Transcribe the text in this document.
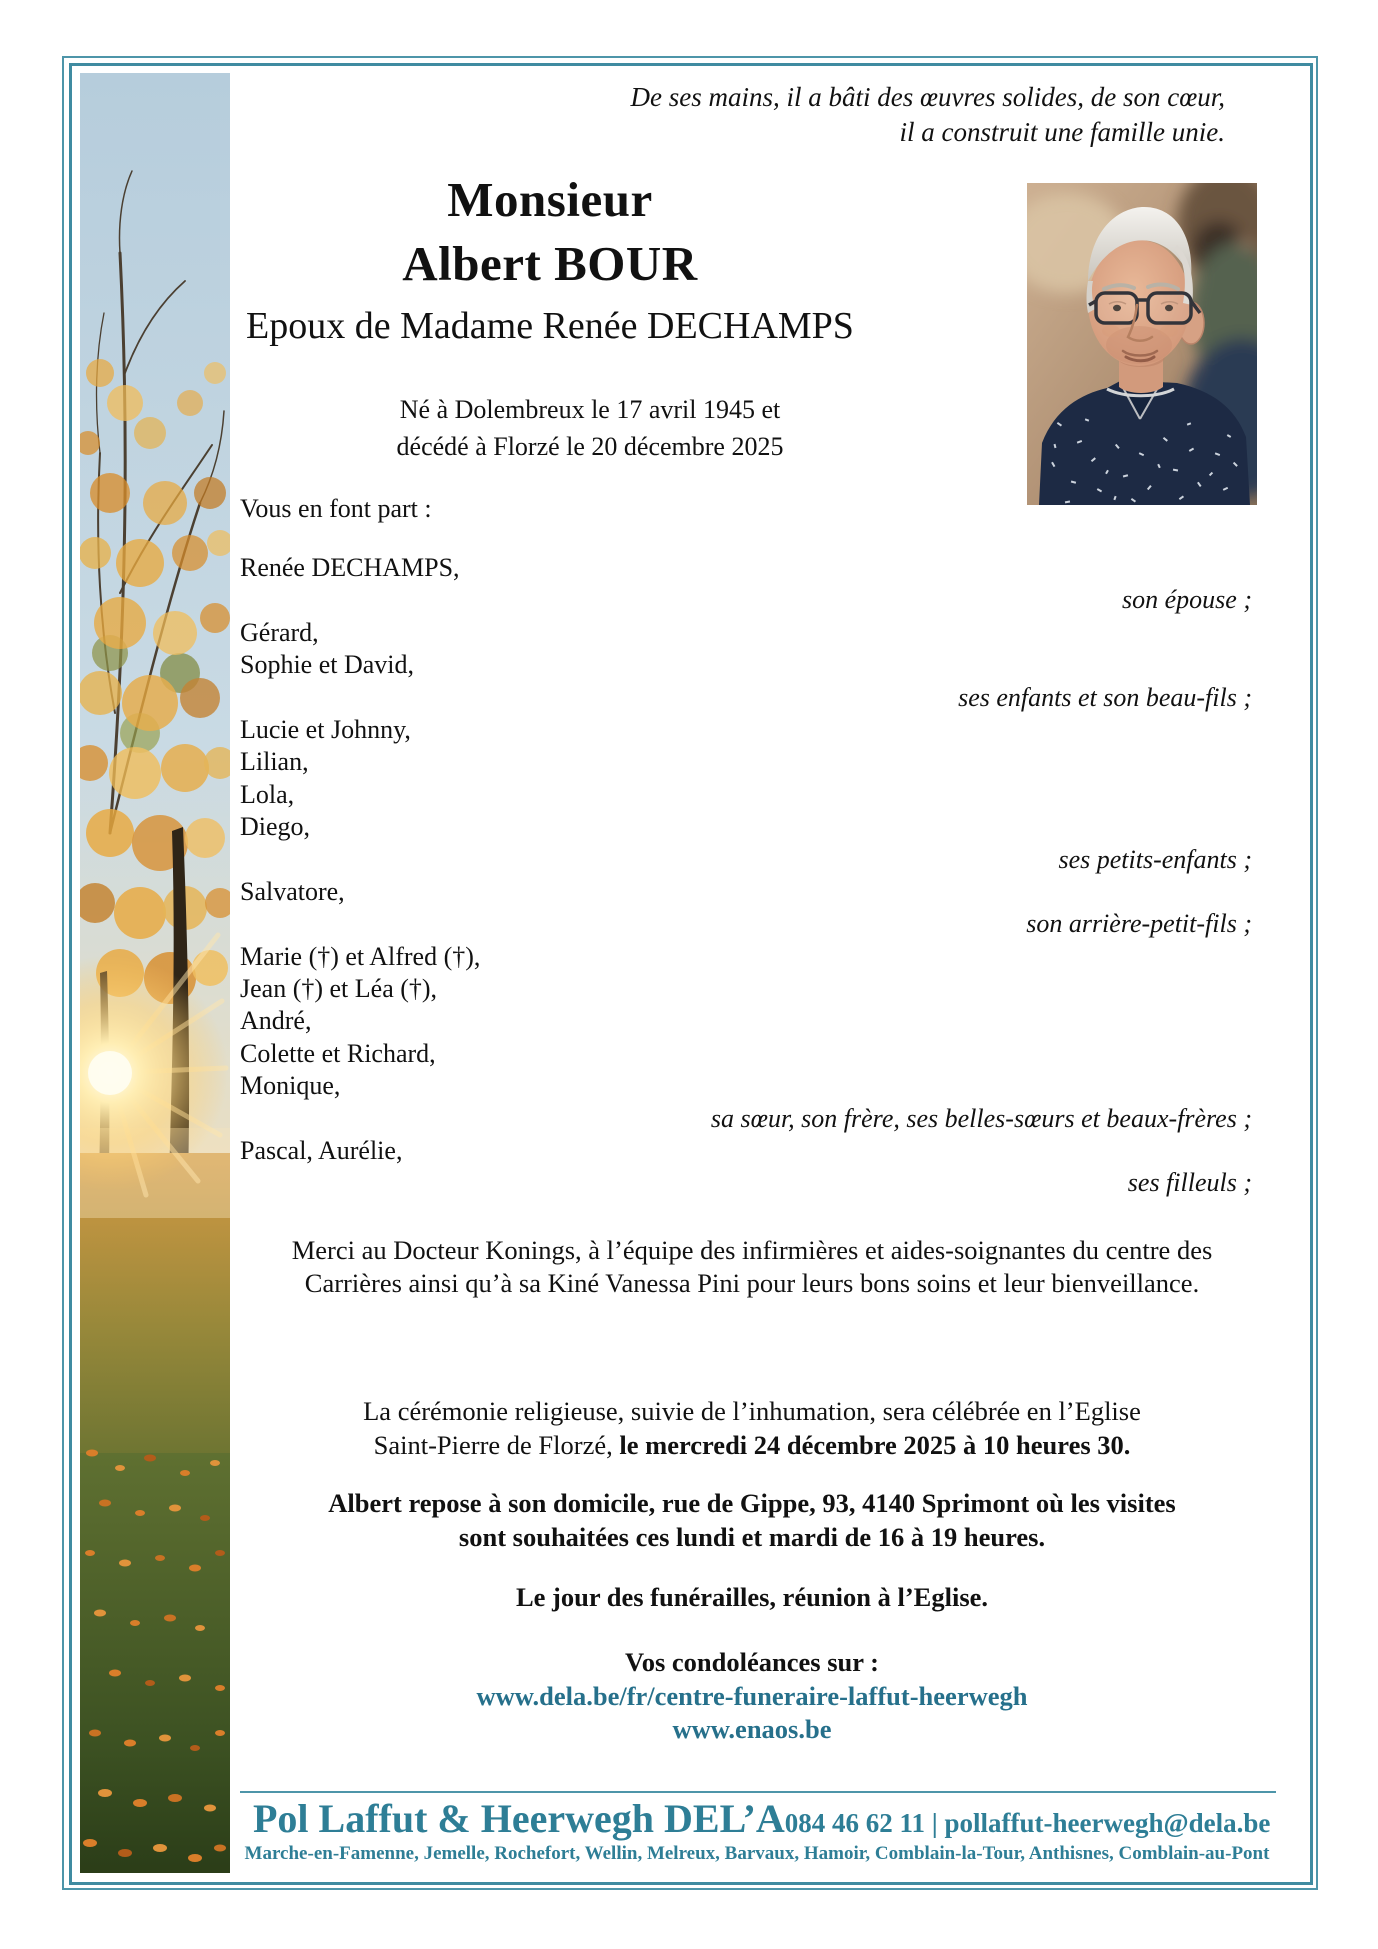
De ses mains, il a bâti des œuvres solides, de son cœur,
il a construit une famille unie.
Monsieur
Albert BOUR
Epoux de Madame Renée DECHAMPS
Né à Dolembreux le 17 avril 1945 et
décédé à Florzé le 20 décembre 2025
Vous en font part :
Renée DECHAMPS,
son épouse ;
Gérard,
Sophie et David,
ses enfants et son beau-fils ;
Lucie et Johnny,
Lilian,
Lola,
Diego,
ses petits-enfants ;
Salvatore,
son arrière-petit-fils ;
Marie (†) et Alfred (†),
Jean (†) et Léa (†),
André,
Colette et Richard,
Monique,
sa sœur, son frère, ses belles-sœurs et beaux-frères ;
Pascal, Aurélie,
ses filleuls ;
Merci au Docteur Konings, à l’équipe des infirmières et aides-soignantes du centre des
Carrières ainsi qu’à sa Kiné Vanessa Pini pour leurs bons soins et leur bienveillance.
La cérémonie religieuse, suivie de l’inhumation, sera célébrée en l’Eglise
Saint-Pierre de Florzé, le mercredi 24 décembre 2025 à 10 heures 30.
Albert repose à son domicile, rue de Gippe, 93, 4140 Sprimont où les visites
sont souhaitées ces lundi et mardi de 16 à 19 heures.
Le jour des funérailles, réunion à l’Eglise.
Vos condoléances sur :
www.dela.be/fr/centre-funeraire-laffut-heerwegh
www.enaos.be
Pol Laffut & Heerwegh DEL’A 084 46 62 11 | pollaffut-heerwegh@dela.be
Marche-en-Famenne, Jemelle, Rochefort, Wellin, Melreux, Barvaux, Hamoir, Comblain-la-Tour, Anthisnes, Comblain-au-Pont
